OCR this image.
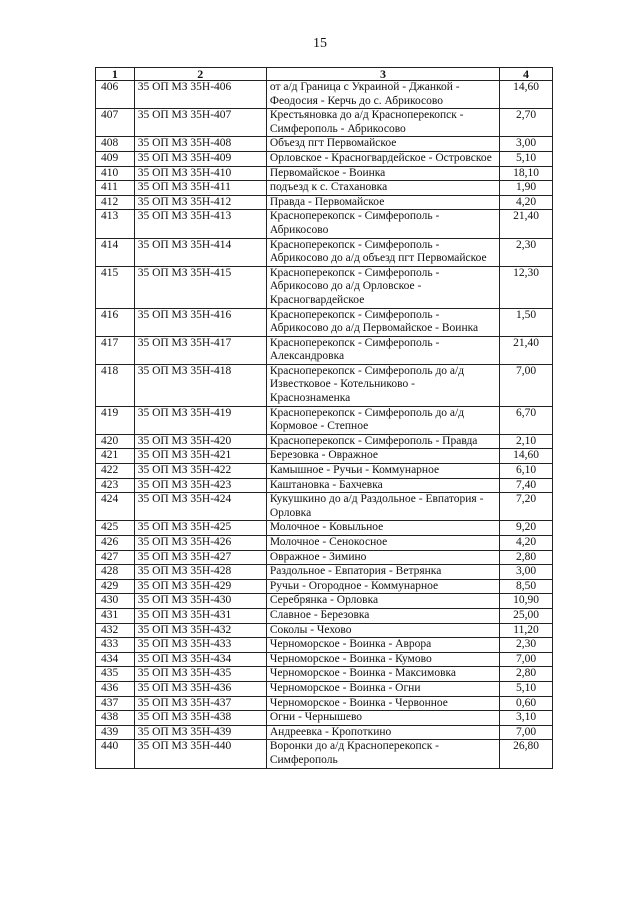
15
1	2	3	4
406	35 ОП МЗ 35Н-406	от а/д Граница с Украиной - Джанкой - Феодосия - Керчь до с. Абрикосово	14,60
407	35 ОП МЗ 35Н-407	Крестьяновка до а/д Красноперекопск - Симферополь - Абрикосово	2,70
408	35 ОП МЗ 35Н-408	Объезд пгт Первомайское	3,00
409	35 ОП МЗ 35Н-409	Орловское - Красногвардейское - Островское	5,10
410	35 ОП МЗ 35Н-410	Первомайское - Воинка	18,10
411	35 ОП МЗ 35Н-411	подъезд к с. Стахановка	1,90
412	35 ОП МЗ 35Н-412	Правда - Первомайское	4,20
413	35 ОП МЗ 35Н-413	Красноперекопск - Симферополь - Абрикосово	21,40
414	35 ОП МЗ 35Н-414	Красноперекопск - Симферополь - Абрикосово до а/д объезд пгт Первомайское	2,30
415	35 ОП МЗ 35Н-415	Красноперекопск - Симферополь - Абрикосово до а/д Орловское - Красногвардейское	12,30
416	35 ОП МЗ 35Н-416	Красноперекопск - Симферополь - Абрикосово до а/д Первомайское - Воинка	1,50
417	35 ОП МЗ 35Н-417	Красноперекопск - Симферополь - Александровка	21,40
418	35 ОП МЗ 35Н-418	Красноперекопск - Симферополь до а/д Известковое - Котельниково - Краснознаменка	7,00
419	35 ОП МЗ 35Н-419	Красноперекопск - Симферополь до а/д Кормовое - Степное	6,70
420	35 ОП МЗ 35Н-420	Красноперекопск - Симферополь - Правда	2,10
421	35 ОП МЗ 35Н-421	Березовка - Овражное	14,60
422	35 ОП МЗ 35Н-422	Камышное - Ручьи - Коммунарное	6,10
423	35 ОП МЗ 35Н-423	Каштановка - Бахчевка	7,40
424	35 ОП МЗ 35Н-424	Кукушкино до а/д Раздольное - Евпатория - Орловка	7,20
425	35 ОП МЗ 35Н-425	Молочное - Ковыльное	9,20
426	35 ОП МЗ 35Н-426	Молочное - Сенокосное	4,20
427	35 ОП МЗ 35Н-427	Овражное - Зимино	2,80
428	35 ОП МЗ 35Н-428	Раздольное - Евпатория - Ветрянка	3,00
429	35 ОП МЗ 35Н-429	Ручьи - Огородное - Коммунарное	8,50
430	35 ОП МЗ 35Н-430	Серебрянка - Орловка	10,90
431	35 ОП МЗ 35Н-431	Славное - Березовка	25,00
432	35 ОП МЗ 35Н-432	Соколы - Чехово	11,20
433	35 ОП МЗ 35Н-433	Черноморское - Воинка - Аврора	2,30
434	35 ОП МЗ 35Н-434	Черноморское - Воинка - Кумово	7,00
435	35 ОП МЗ 35Н-435	Черноморское - Воинка - Максимовка	2,80
436	35 ОП МЗ 35Н-436	Черноморское - Воинка - Огни	5,10
437	35 ОП МЗ 35Н-437	Черноморское - Воинка - Червонное	0,60
438	35 ОП МЗ 35Н-438	Огни - Чернышево	3,10
439	35 ОП МЗ 35Н-439	Андреевка - Кропоткино	7,00
440	35 ОП МЗ 35Н-440	Воронки до а/д Красноперекопск - Симферополь	26,80
